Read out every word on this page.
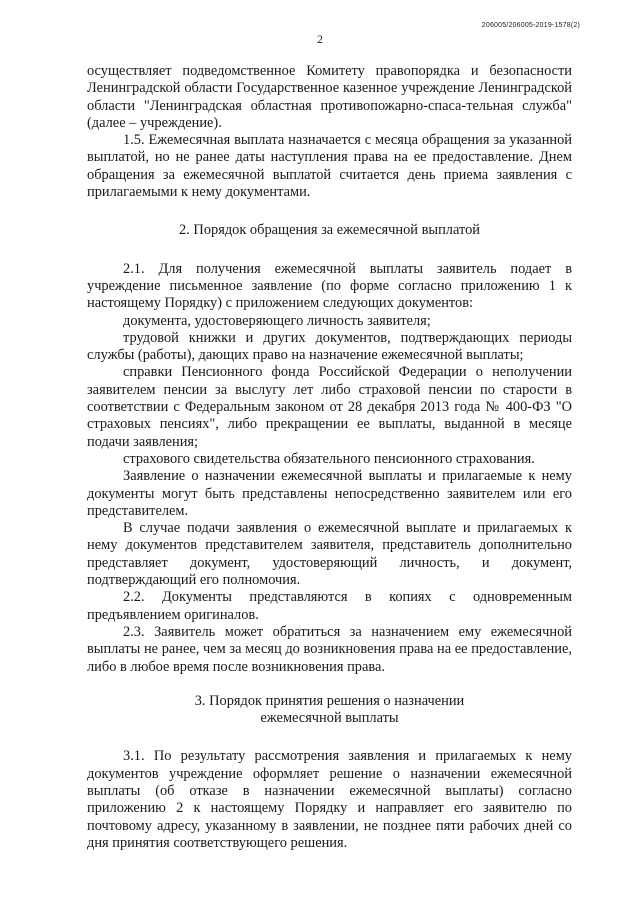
206005/206005-2019-1578(2)
2

осуществляет подведомственное Комитету правопорядка и безопасности Ленинградской области Государственное казенное учреждение Ленинградской области "Ленинградская областная противопожарно-спаса-тельная служба" (далее – учреждение).

1.5. Ежемесячная выплата назначается с месяца обращения за указанной выплатой, но не ранее даты наступления права на ее предоставление. Днем обращения за ежемесячной выплатой считается день приема заявления с прилагаемыми к нему документами.

2. Порядок обращения за ежемесячной выплатой

2.1. Для получения ежемесячной выплаты заявитель подает в учреждение письменное заявление (по форме согласно приложению 1 к настоящему Порядку) с приложением следующих документов:

документа, удостоверяющего личность заявителя;

трудовой книжки и других документов, подтверждающих периоды службы (работы), дающих право на назначение ежемесячной выплаты;

справки Пенсионного фонда Российской Федерации о неполучении заявителем пенсии за выслугу лет либо страховой пенсии по старости в соответствии с Федеральным законом от 28 декабря 2013 года № 400-ФЗ "О страховых пенсиях", либо прекращении ее выплаты, выданной в месяце подачи заявления;

страхового свидетельства обязательного пенсионного страхования.

Заявление о назначении ежемесячной выплаты и прилагаемые к нему документы могут быть представлены непосредственно заявителем или его представителем.

В случае подачи заявления о ежемесячной выплате и прилагаемых к нему документов представителем заявителя, представитель дополнительно представляет документ, удостоверяющий личность, и документ, подтверждающий его полномочия.

2.2. Документы представляются в копиях с одновременным предъявлением оригиналов.

2.3. Заявитель может обратиться за назначением ему ежемесячной выплаты не ранее, чем за месяц до возникновения права на ее предоставление, либо в любое время после возникновения права.

3. Порядок принятия решения о назначении

ежемесячной выплаты

3.1. По результату рассмотрения заявления и прилагаемых к нему документов учреждение оформляет решение о назначении ежемесячной выплаты (об отказе в назначении ежемесячной выплаты) согласно приложению 2 к настоящему Порядку и направляет его заявителю по почтовому адресу, указанному в заявлении, не позднее пяти рабочих дней со дня принятия соответствующего решения.
